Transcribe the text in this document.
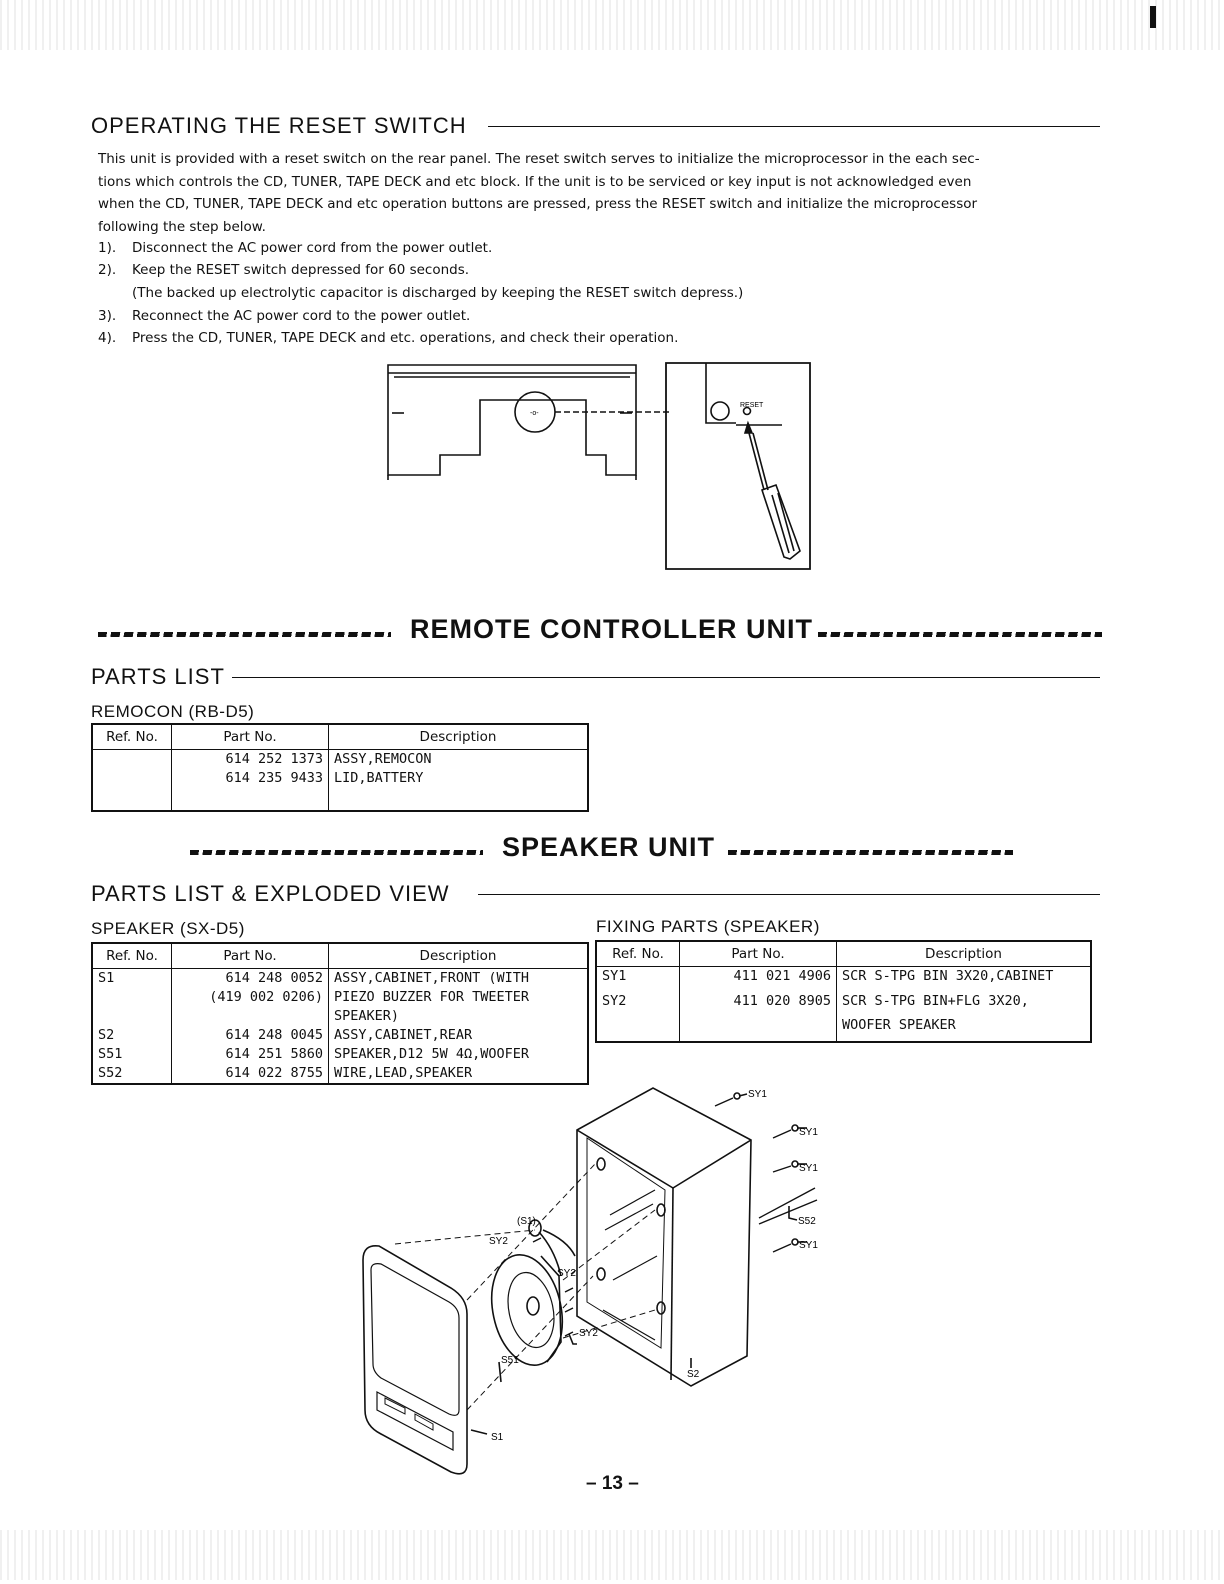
OPERATING THE RESET SWITCH
This unit is provided with a reset switch on the rear panel. The reset switch serves to initialize the microprocessor in the each sec-
tions which controls the CD, TUNER, TAPE DECK and etc block. If the unit is to be serviced or key input is not acknowledged even
when the CD, TUNER, TAPE DECK and etc operation buttons are pressed, press the RESET switch and initialize the microprocessor
following the step below.
1). Disconnect the AC power cord from the power outlet.
2). Keep the RESET switch depressed for 60 seconds.
(The backed up electrolytic capacitor is discharged by keeping the RESET switch depress.)
3). Reconnect the AC power cord to the power outlet.
4). Press the CD, TUNER, TAPE DECK and etc. operations, and check their operation.
RESET
-o-
REMOTE CONTROLLER UNIT
PARTS LIST
REMOCON (RB-D5)
Ref. No.	Part No.	Description
	614 252 1373	ASSY,REMOCON
	614 235 9433	LID,BATTERY

SPEAKER UNIT
PARTS LIST & EXPLODED VIEW
SPEAKER (SX-D5)
Ref. No.	Part No.	Description
S1	614 248 0052	ASSY,CABINET,FRONT (WITH
	(419 002 0206)	PIEZO BUZZER FOR TWEETER
		SPEAKER)
S2	614 248 0045	ASSY,CABINET,REAR
S51	614 251 5860	SPEAKER,D12 5W 4Ω,WOOFER
S52	614 022 8755	WIRE,LEAD,SPEAKER
FIXING PARTS (SPEAKER)
Ref. No.	Part No.	Description
SY1	411 021 4906	SCR S-TPG BIN 3X20,CABINET
SY2	411 020 8905	SCR S-TPG BIN+FLG 3X20,
		WOOFER SPEAKER
SY1
SY1
SY1
S52
SY1
(S1)
SY2
SY2
SY2
S51
S2
S1
– 13 –
